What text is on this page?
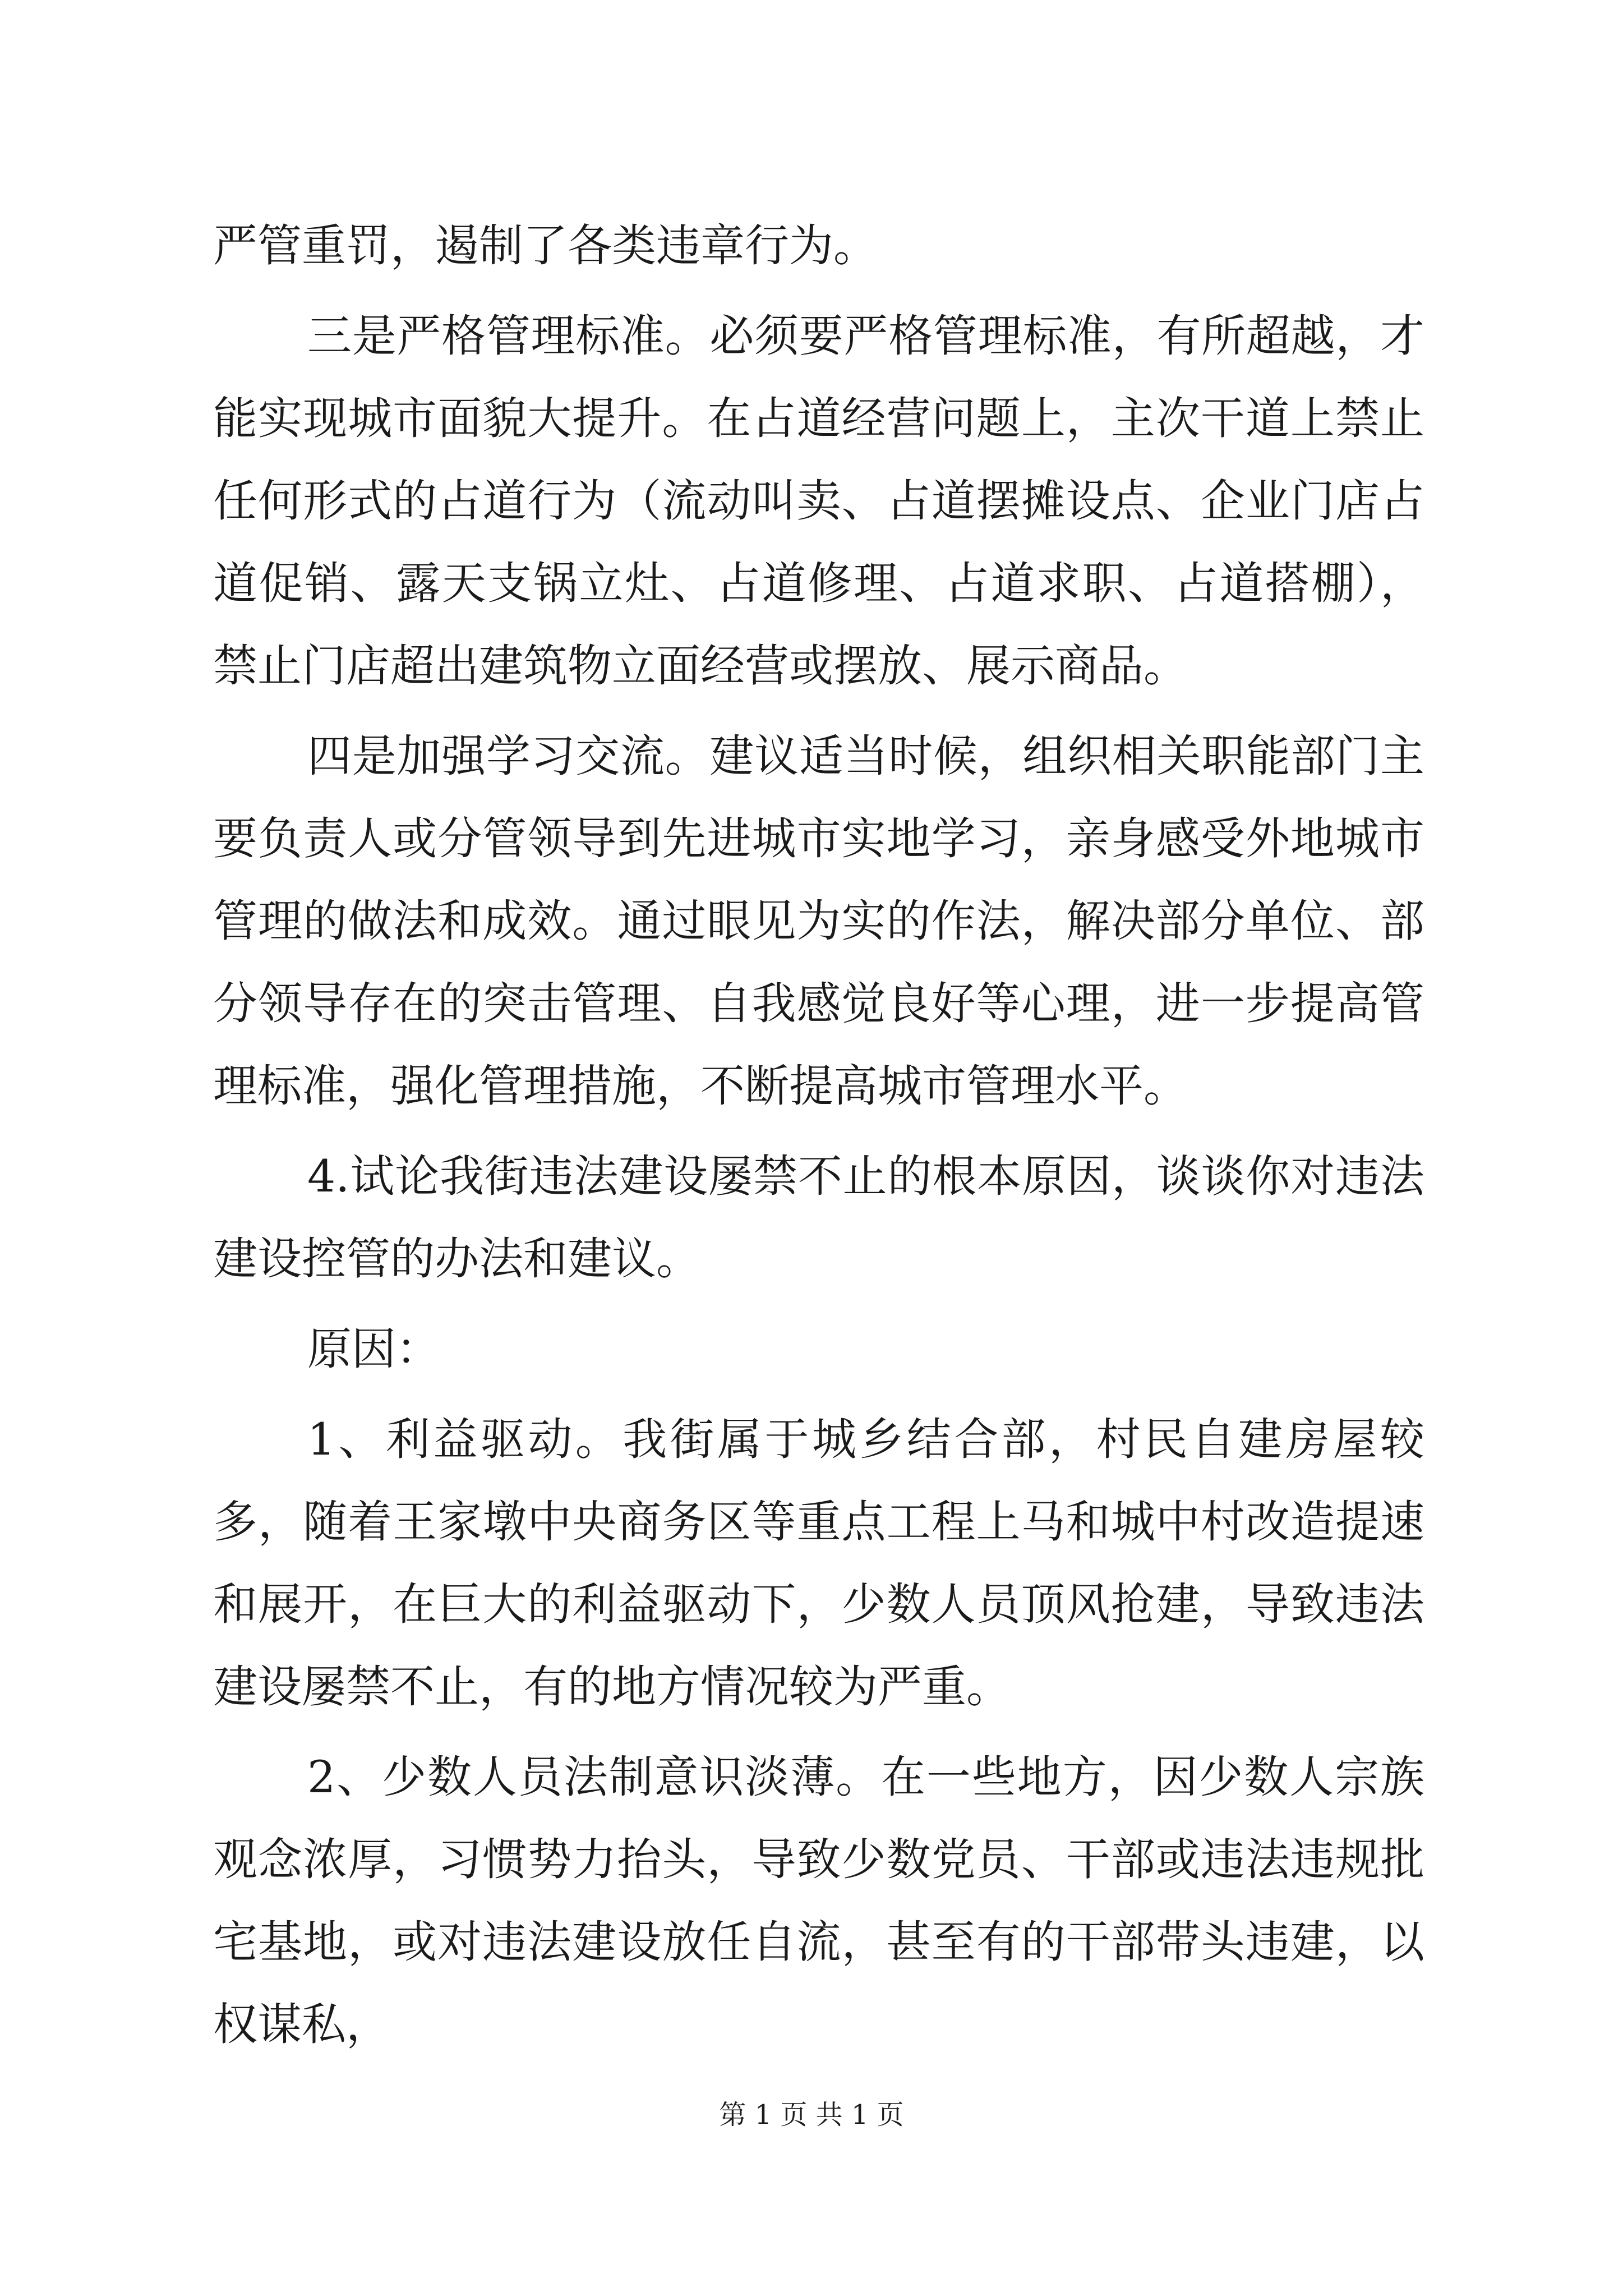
严管重罚，遏制了各类违章行为。

三是严格管理标准。必须要严格管理标准，有所超越，才能实现城市面貌大提升。在占道经营问题上，主次干道上禁止任何形式的占道行为（流动叫卖、占道摆摊设点、企业门店占道促销、露天支锅立灶、占道修理、占道求职、占道搭棚），禁止门店超出建筑物立面经营或摆放、展示商品。

四是加强学习交流。建议适当时候，组织相关职能部门主要负责人或分管领导到先进城市实地学习，亲身感受外地城市管理的做法和成效。通过眼见为实的作法，解决部分单位、部分领导存在的突击管理、自我感觉良好等心理，进一步提高管理标准，强化管理措施，不断提高城市管理水平。

4.试论我街违法建设屡禁不止的根本原因，谈谈你对违法建设控管的办法和建议。

原因：

1、利益驱动。我街属于城乡结合部，村民自建房屋较多，随着王家墩中央商务区等重点工程上马和城中村改造提速和展开，在巨大的利益驱动下，少数人员顶风抢建，导致违法建设屡禁不止，有的地方情况较为严重。

2、少数人员法制意识淡薄。在一些地方，因少数人宗族观念浓厚，习惯势力抬头，导致少数党员、干部或违法违规批宅基地，或对违法建设放任自流，甚至有的干部带头违建，以权谋私，

第 1 页 共 1 页
